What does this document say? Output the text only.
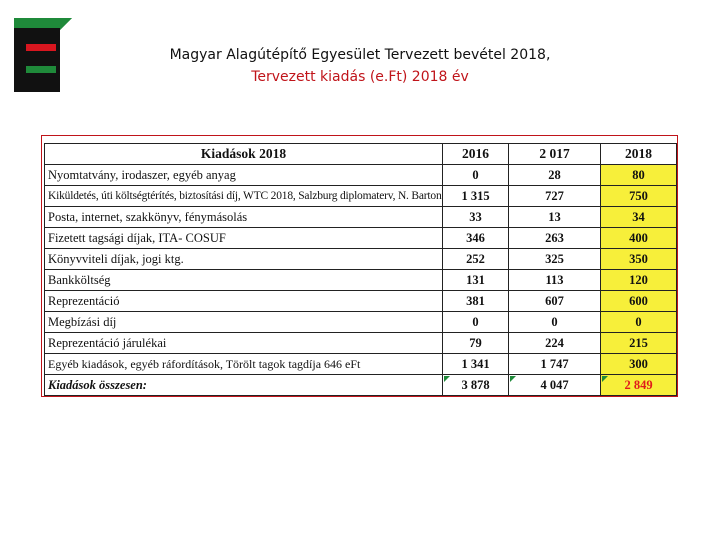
Magyar Alagútépítő Egyesület Tervezett bevétel 2018,
Tervezett kiadás (e.Ft) 2018 év
Kiadások 2018	2016	2 017	2018
Nyomtatvány, irodaszer, egyéb anyag	0	28	80
Kiküldetés, úti költségtérítés, biztosítási díj, WTC 2018, Salzburg diplomaterv, N. Barton	1 315	727	750
Posta, internet, szakkönyv, fénymásolás	33	13	34
Fizetett tagsági díjak, ITA- COSUF	346	263	400
Könyvviteli díjak, jogi ktg.	252	325	350
Bankköltség	131	113	120
Reprezentáció	381	607	600
Megbízási díj	0	0	0
Reprezentáció járulékai	79	224	215
Egyéb kiadások, egyéb ráfordítások, Törölt tagok tagdíja 646 eFt	1 341	1 747	300
Kiadások összesen:	3 878	4 047	2 849
